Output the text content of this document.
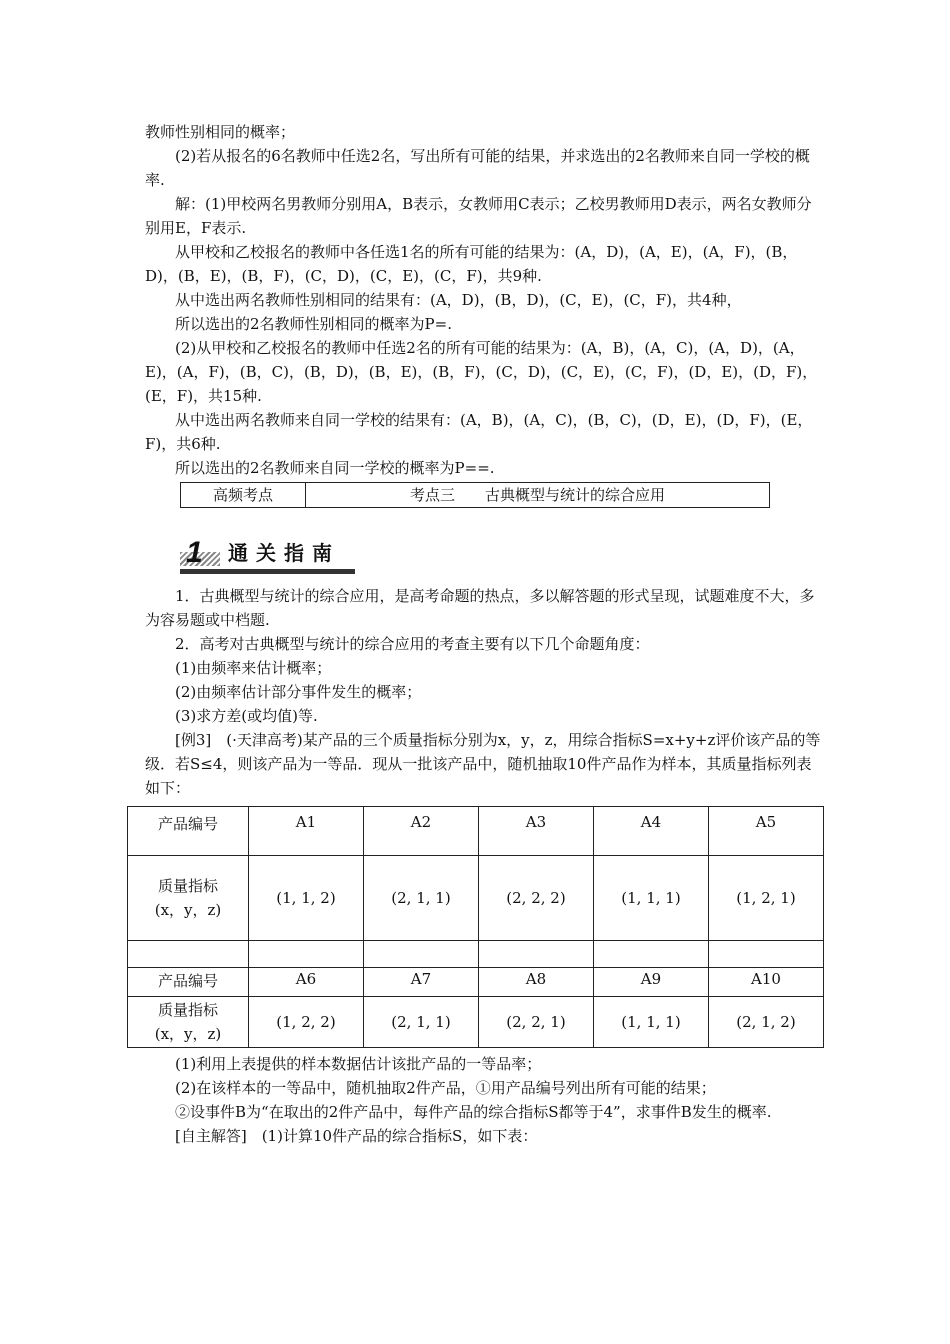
教师性别相同的概率；

(2)若从报名的6名教师中任选2名，写出所有可能的结果，并求选出的2名教师来自同一学校的概率.

解：(1)甲校两名男教师分别用A，B表示，女教师用C表示；乙校男教师用D表示，两名女教师分别用E，F表示.

从甲校和乙校报名的教师中各任选1名的所有可能的结果为：(A，D)，(A，E)，(A，F)，(B，D)，(B，E)，(B，F)，(C，D)，(C，E)，(C，F)，共9种.

从中选出两名教师性别相同的结果有：(A，D)，(B，D)，(C，E)，(C，F)，共4种，

所以选出的2名教师性别相同的概率为P=.

(2)从甲校和乙校报名的教师中任选2名的所有可能的结果为：(A，B)，(A，C)，(A，D)，(A，E)，(A，F)，(B，C)，(B，D)，(B，E)，(B，F)，(C，D)，(C，E)，(C，F)，(D，E)，(D，F)，(E，F)，共15种.

从中选出两名教师来自同一学校的结果有：(A，B)，(A，C)，(B，C)，(D，E)，(D，F)，(E，F)，共6种.

所以选出的2名教师来自同一学校的概率为P==.

高频考点	考点三　　古典概型与统计的综合应用
1	通关指南

1．古典概型与统计的综合应用，是高考命题的热点，多以解答题的形式呈现，试题难度不大，多为容易题或中档题.

2．高考对古典概型与统计的综合应用的考查主要有以下几个命题角度：

(1)由频率来估计概率；

(2)由频率估计部分事件发生的概率；

(3)求方差(或均值)等.

[例3]　(·天津高考)某产品的三个质量指标分别为x，y，z，用综合指标S=x+y+z评价该产品的等级．若S≤4，则该产品为一等品．现从一批该产品中，随机抽取10件产品作为样本，其质量指标列表如下：

产品编号	A1	A2	A3	A4	A5

质量指标
(x，y，z)	(1, 1, 2)	(2, 1, 1)	(2, 2, 2)	(1, 1, 1)	(1, 2, 1)

产品编号	A6	A7	A8	A9	A10

质量指标
(x，y，z)	(1, 2, 2)	(2, 1, 1)	(2, 2, 1)	(1, 1, 1)	(2, 1, 2)

(1)利用上表提供的样本数据估计该批产品的一等品率；

(2)在该样本的一等品中，随机抽取2件产品，①用产品编号列出所有可能的结果；

②设事件B为“在取出的2件产品中，每件产品的综合指标S都等于4”，求事件B发生的概率.

[自主解答]　(1)计算10件产品的综合指标S，如下表：
